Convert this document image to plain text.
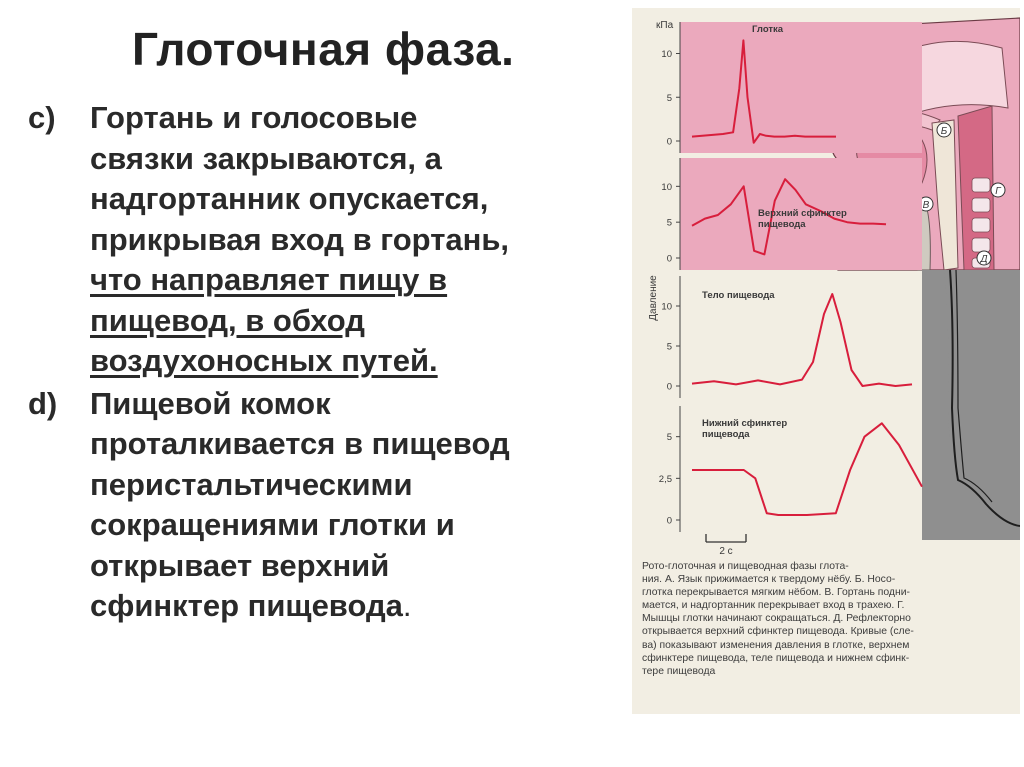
Глоточная фаза.
c)	Гортань и голосовые
связки закрываются, а
надгортанник опускается,
прикрывая вход в гортань,
что направляет пищу в
пищевод, в обход
воздухоносных путей.
d)	Пищевой комок
проталкивается в пищевод
перистальтическими
сокращениями глотки и
открывает верхний
сфинктер пищевода.
Б
В
Г
Д
10
5
0
Глотка
10
5
0
Верхний сфинктер пищевода
10
5
0
Тело пищевода
5
2,5
0
Нижний сфинктер пищевода
кПа
Давление
2 с
Рото-глоточная и пищеводная фазы глота-
ния. А. Язык прижимается к твердому нёбу. Б. Носо-
глотка перекрывается мягким нёбом. В. Гортань подни-
мается, и надгортанник перекрывает вход в трахею. Г.
Мышцы глотки начинают сокращаться. Д. Рефлекторно
открывается верхний сфинктер пищевода. Кривые (сле-
ва) показывают изменения давления в глотке, верхнем
сфинктере пищевода, теле пищевода и нижнем сфинк-
тере пищевода
